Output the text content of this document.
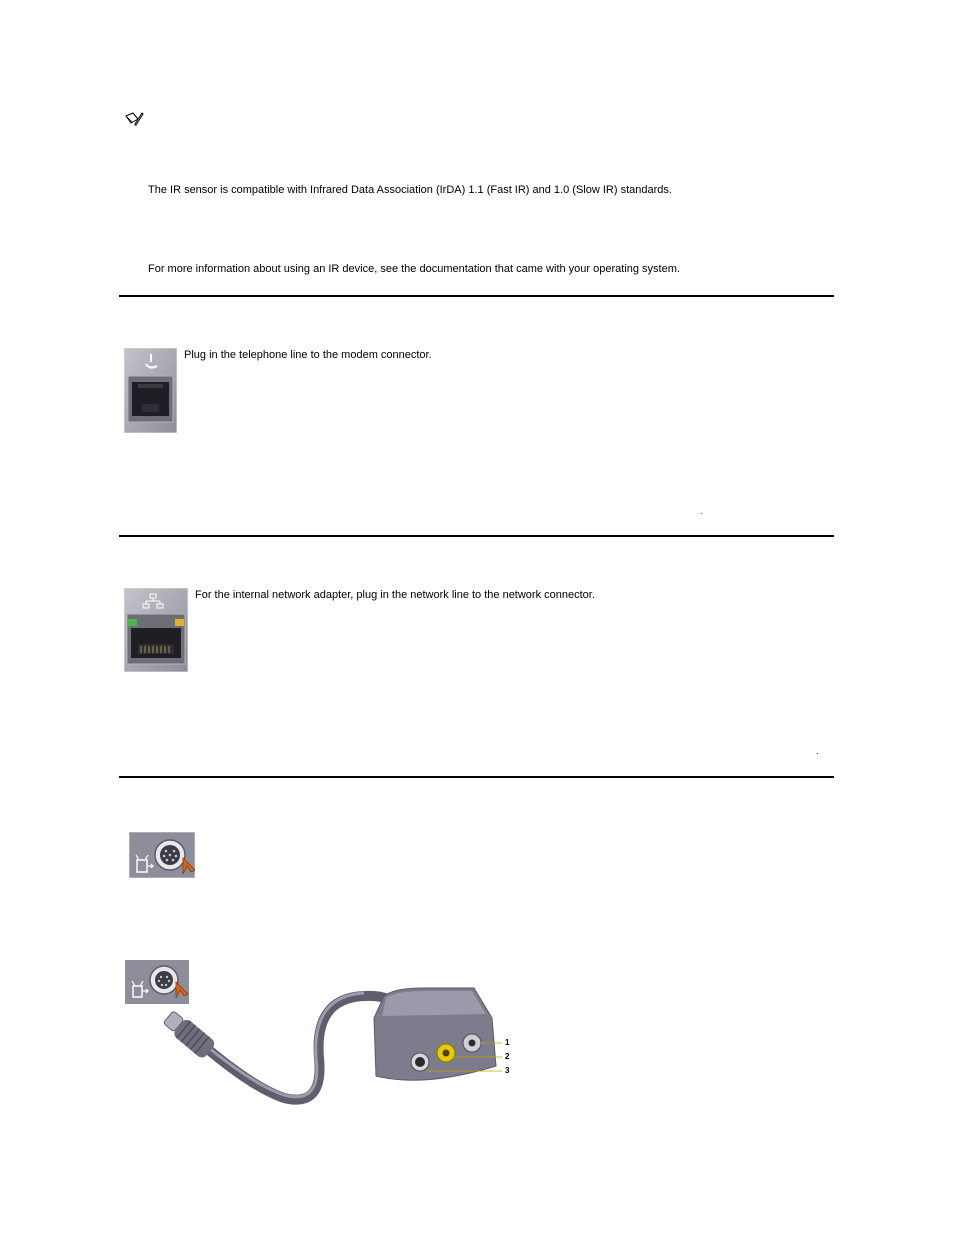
The IR sensor is compatible with Infrared Data Association (IrDA) 1.1 (Fast IR) and 1.0 (Slow IR) standards.
For more information about using an IR device, see the documentation that came with your operating system.
Plug in the telephone line to the modem connector.
.
For the internal network adapter, plug in the network line to the network connector.
.
1
2
3
